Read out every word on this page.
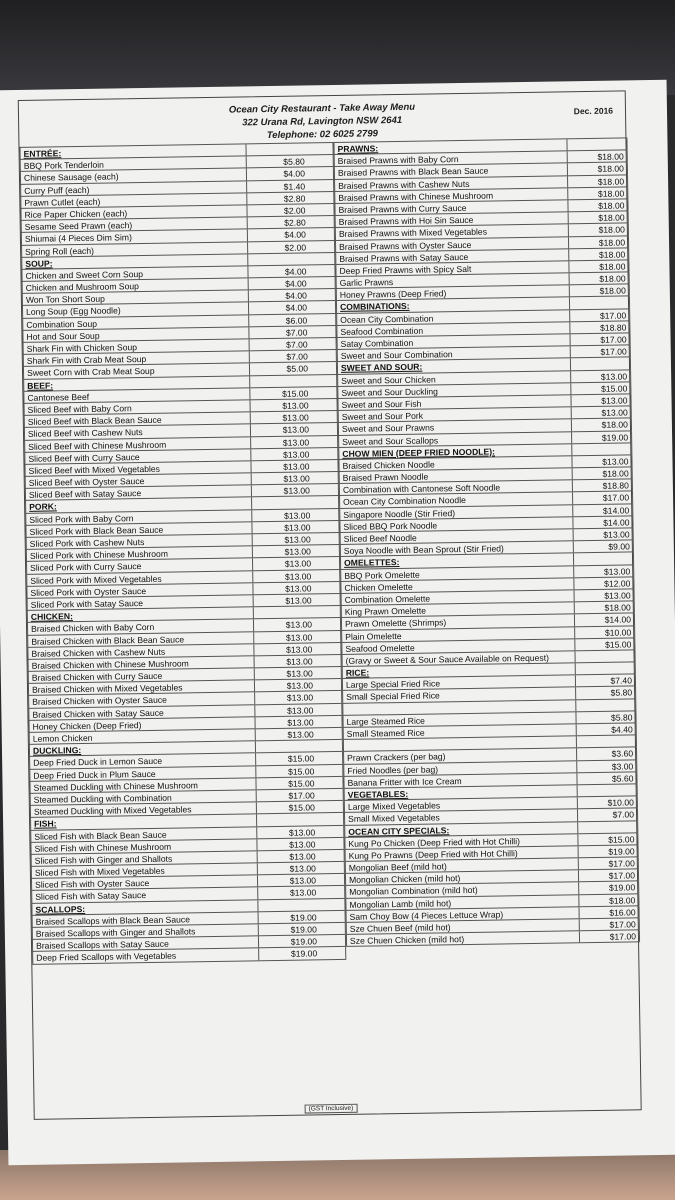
Ocean City Restaurant - Take Away Menu
322 Urana Rd, Lavington NSW 2641
Telephone: 02 6025 2799
Dec. 2016
ENTRÉE:
BBQ Pork Tenderloin	$5.80
Chinese Sausage (each)	$4.00
Curry Puff (each)	$1.40
Prawn Cutlet (each)	$2.80
Rice Paper Chicken (each)	$2.00
Sesame Seed Prawn (each)	$2.80
Shiumai (4 Pieces Dim Sim)	$4.00
Spring Roll (each)	$2.00
SOUP:
Chicken and Sweet Corn Soup	$4.00
Chicken and Mushroom Soup	$4.00
Won Ton Short Soup	$4.00
Long Soup (Egg Noodle)	$4.00
Combination Soup	$6.00
Hot and Sour Soup	$7.00
Shark Fin with Chicken Soup	$7.00
Shark Fin with Crab Meat Soup	$7.00
Sweet Corn with Crab Meat Soup	$5.00
BEEF:
Cantonese Beef	$15.00
Sliced Beef with Baby Corn	$13.00
Sliced Beef with Black Bean Sauce	$13.00
Sliced Beef with Cashew Nuts	$13.00
Sliced Beef with Chinese Mushroom	$13.00
Sliced Beef with Curry Sauce	$13.00
Sliced Beef with Mixed Vegetables	$13.00
Sliced Beef with Oyster Sauce	$13.00
Sliced Beef with Satay Sauce	$13.00
PORK:
Sliced Pork with Baby Corn	$13.00
Sliced Pork with Black Bean Sauce	$13.00
Sliced Pork with Cashew Nuts	$13.00
Sliced Pork with Chinese Mushroom	$13.00
Sliced Pork with Curry Sauce	$13.00
Sliced Pork with Mixed Vegetables	$13.00
Sliced Pork with Oyster Sauce	$13.00
Sliced Pork with Satay Sauce	$13.00
CHICKEN:
Braised Chicken with Baby Corn	$13.00
Braised Chicken with Black Bean Sauce	$13.00
Braised Chicken with Cashew Nuts	$13.00
Braised Chicken with Chinese Mushroom	$13.00
Braised Chicken with Curry Sauce	$13.00
Braised Chicken with Mixed Vegetables	$13.00
Braised Chicken with Oyster Sauce	$13.00
Braised Chicken with Satay Sauce	$13.00
Honey Chicken (Deep Fried)	$13.00
Lemon Chicken	$13.00
DUCKLING:
Deep Fried Duck in Lemon Sauce	$15.00
Deep Fried Duck in Plum Sauce	$15.00
Steamed Duckling with Chinese Mushroom	$15.00
Steamed Duckling with Combination	$17.00
Steamed Duckling with Mixed Vegetables	$15.00
FISH:
Sliced Fish with Black Bean Sauce	$13.00
Sliced Fish with Chinese Mushroom	$13.00
Sliced Fish with Ginger and Shallots	$13.00
Sliced Fish with Mixed Vegetables	$13.00
Sliced Fish with Oyster Sauce	$13.00
Sliced Fish with Satay Sauce	$13.00
SCALLOPS:
Braised Scallops with Black Bean Sauce	$19.00
Braised Scallops with Ginger and Shallots	$19.00
Braised Scallops with Satay Sauce	$19.00
Deep Fried Scallops with Vegetables	$19.00
PRAWNS:
Braised Prawns with Baby Corn	$18.00
Braised Prawns with Black Bean Sauce	$18.00
Braised Prawns with Cashew Nuts	$18.00
Braised Prawns with Chinese Mushroom	$18.00
Braised Prawns with Curry Sauce	$18.00
Braised Prawns with Hoi Sin Sauce	$18.00
Braised Prawns with Mixed Vegetables	$18.00
Braised Prawns with Oyster Sauce	$18.00
Braised Prawns with Satay Sauce	$18.00
Deep Fried Prawns with Spicy Salt	$18.00
Garlic Prawns	$18.00
Honey Prawns (Deep Fried)	$18.00
COMBINATIONS:
Ocean City Combination	$17.00
Seafood Combination	$18.80
Satay Combination	$17.00
Sweet and Sour Combination	$17.00
SWEET AND SOUR:
Sweet and Sour Chicken	$13.00
Sweet and Sour Duckling	$15.00
Sweet and Sour Fish	$13.00
Sweet and Sour Pork	$13.00
Sweet and Sour Prawns	$18.00
Sweet and Sour Scallops	$19.00
CHOW MIEN (DEEP FRIED NOODLE):
Braised Chicken Noodle	$13.00
Braised Prawn Noodle	$18.00
Combination with Cantonese Soft Noodle	$18.80
Ocean City Combination Noodle	$17.00
Singapore Noodle (Stir Fried)	$14.00
Sliced BBQ Pork Noodle	$14.00
Sliced Beef Noodle	$13.00
Soya Noodle with Bean Sprout (Stir Fried)	$9.00
OMELETTES:
BBQ Pork Omelette	$13.00
Chicken Omelette	$12.00
Combination Omelette	$13.00
King Prawn Omelette	$18.00
Prawn Omelette (Shrimps)	$14.00
Plain Omelette	$10.00
Seafood Omelette	$15.00
(Gravy or Sweet & Sour Sauce Available on Request)
RICE:
Large Special Fried Rice	$7.40
Small Special Fried Rice	$5.80
Large Steamed Rice	$5.80
Small Steamed Rice	$4.40
Prawn Crackers (per bag)	$3.60
Fried Noodles (per bag)	$3.00
Banana Fritter with Ice Cream	$5.60
VEGETABLES:
Large Mixed Vegetables	$10.00
Small Mixed Vegetables	$7.00
OCEAN CITY SPECIALS:
Kung Po Chicken (Deep Fried with Hot Chilli)	$15.00
Kung Po Prawns (Deep Fried with Hot Chilli)	$19.00
Mongolian Beef (mild hot)	$17.00
Mongolian Chicken (mild hot)	$17.00
Mongolian Combination (mild hot)	$19.00
Mongolian Lamb (mild hot)	$18.00
Sam Choy Bow (4 Pieces Lettuce Wrap)	$16.00
Sze Chuen Beef (mild hot)	$17.00
Sze Chuen Chicken (mild hot)	$17.00
(GST Inclusive)
